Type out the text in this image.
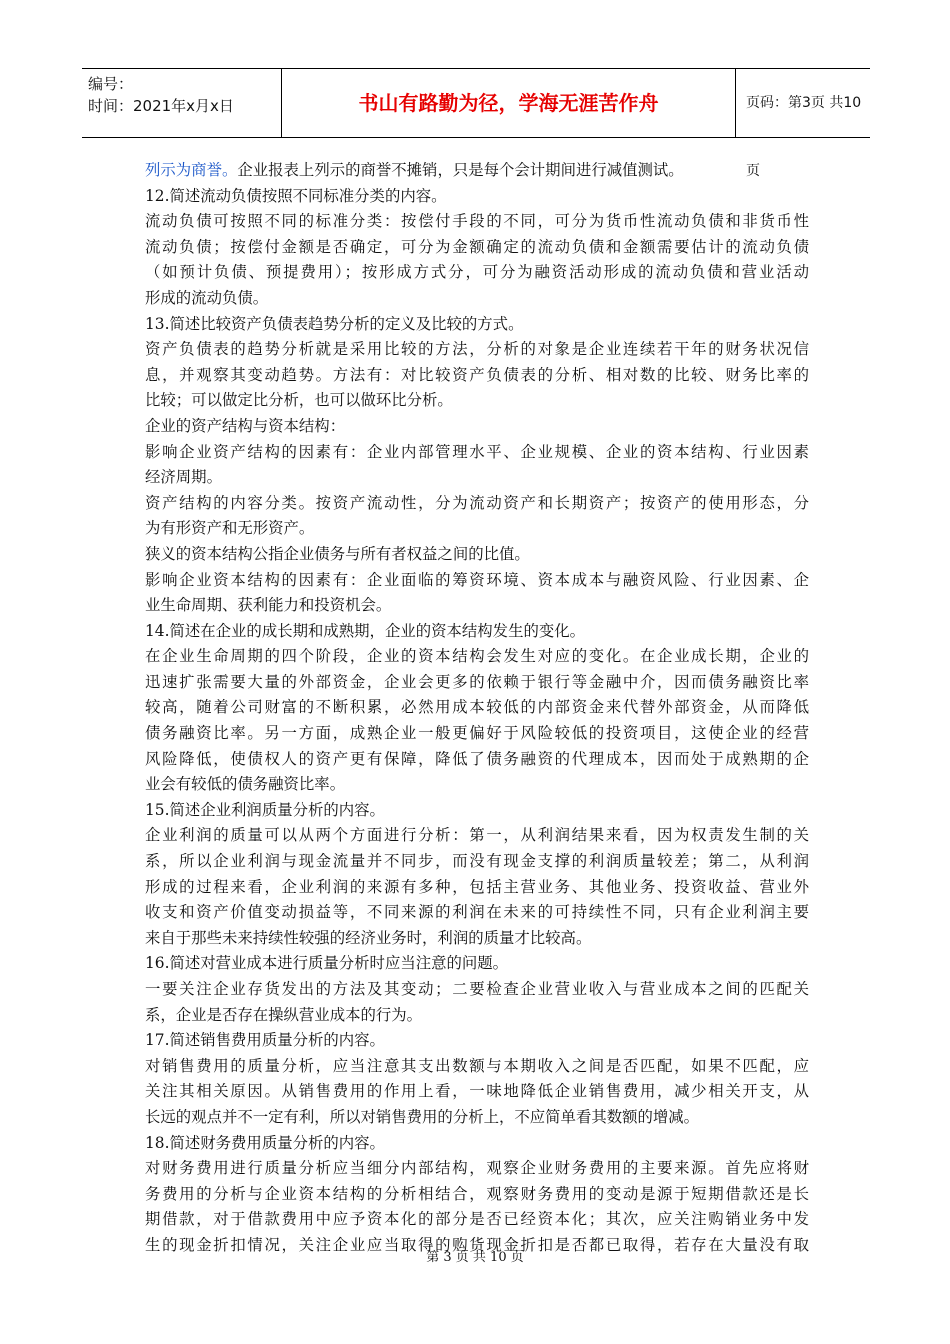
编号：
时间：2021年x月x日	书山有路勤为径，学海无涯苦作舟	页码：第3页 共10页
列示为商誉。企业报表上列示的商誉不摊销，只是每个会计期间进行减值测试。
12.简述流动负债按照不同标准分类的内容。
流动负债可按照不同的标准分类：按偿付手段的不同，可分为货币性流动负债和非货币性
流动负债；按偿付金额是否确定，可分为金额确定的流动负债和金额需要估计的流动负债
（如预计负债、预提费用）；按形成方式分，可分为融资活动形成的流动负债和营业活动
形成的流动负债。
13.简述比较资产负债表趋势分析的定义及比较的方式。
资产负债表的趋势分析就是采用比较的方法，分析的对象是企业连续若干年的财务状况信
息，并观察其变动趋势。方法有：对比较资产负债表的分析、相对数的比较、财务比率的
比较；可以做定比分析，也可以做环比分析。
企业的资产结构与资本结构：
影响企业资产结构的因素有：企业内部管理水平、企业规模、企业的资本结构、行业因素
经济周期。
资产结构的内容分类。按资产流动性，分为流动资产和长期资产；按资产的使用形态，分
为有形资产和无形资产。
狭义的资本结构公指企业债务与所有者权益之间的比值。
影响企业资本结构的因素有：企业面临的筹资环境、资本成本与融资风险、行业因素、企
业生命周期、获利能力和投资机会。
14.简述在企业的成长期和成熟期，企业的资本结构发生的变化。
在企业生命周期的四个阶段，企业的资本结构会发生对应的变化。在企业成长期，企业的
迅速扩张需要大量的外部资金，企业会更多的依赖于银行等金融中介，因而债务融资比率
较高，随着公司财富的不断积累，必然用成本较低的内部资金来代替外部资金，从而降低
债务融资比率。另一方面，成熟企业一般更偏好于风险较低的投资项目，这使企业的经营
风险降低，使债权人的资产更有保障，降低了债务融资的代理成本，因而处于成熟期的企
业会有较低的债务融资比率。
15.简述企业利润质量分析的内容。
企业利润的质量可以从两个方面进行分析：第一，从利润结果来看，因为权责发生制的关
系，所以企业利润与现金流量并不同步，而没有现金支撑的利润质量较差；第二，从利润
形成的过程来看，企业利润的来源有多种，包括主营业务、其他业务、投资收益、营业外
收支和资产价值变动损益等，不同来源的利润在未来的可持续性不同，只有企业利润主要
来自于那些未来持续性较强的经济业务时，利润的质量才比较高。
16.简述对营业成本进行质量分析时应当注意的问题。
一要关注企业存货发出的方法及其变动；二要检查企业营业收入与营业成本之间的匹配关
系，企业是否存在操纵营业成本的行为。
17.简述销售费用质量分析的内容。
对销售费用的质量分析，应当注意其支出数额与本期收入之间是否匹配，如果不匹配，应
关注其相关原因。从销售费用的作用上看，一味地降低企业销售费用，减少相关开支，从
长远的观点并不一定有利，所以对销售费用的分析上，不应简单看其数额的增减。
18.简述财务费用质量分析的内容。
对财务费用进行质量分析应当细分内部结构，观察企业财务费用的主要来源。首先应将财
务费用的分析与企业资本结构的分析相结合，观察财务费用的变动是源于短期借款还是长
期借款，对于借款费用中应予资本化的部分是否已经资本化；其次，应关注购销业务中发
生的现金折扣情况，关注企业应当取得的购货现金折扣是否都已取得，若存在大量没有取
第 3 页 共 10 页
